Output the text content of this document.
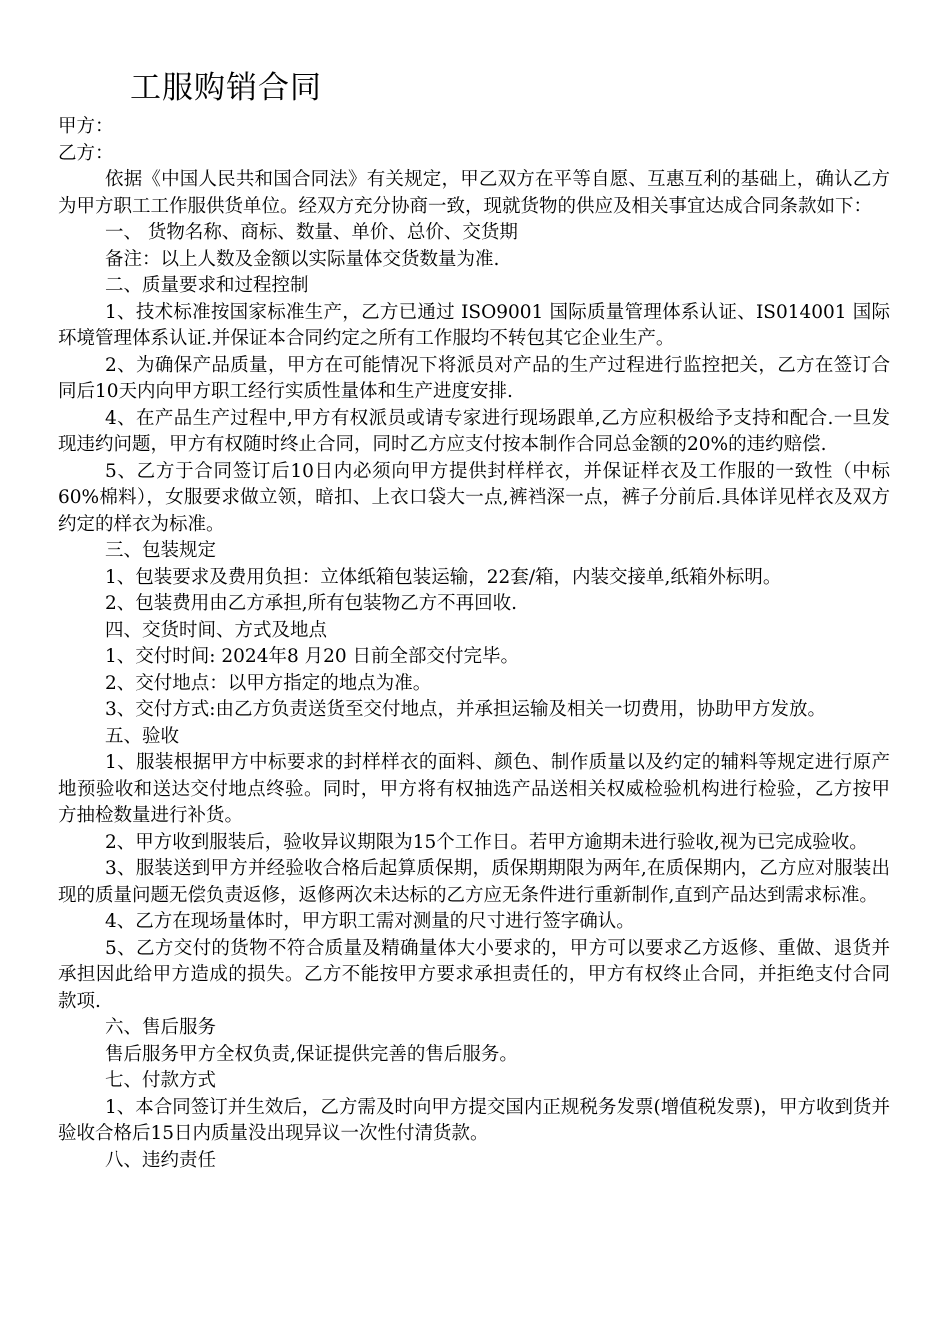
工服购销合同

甲方：

乙方：

依据《中国人民共和国合同法》有关规定，甲乙双方在平等自愿、互惠互利的基础上，确认乙方为甲方职工工作服供货单位。经双方充分协商一致，现就货物的供应及相关事宜达成合同条款如下：

一、 货物名称、商标、数量、单价、总价、交货期

备注：以上人数及金额以实际量体交货数量为准.

二、质量要求和过程控制

1、技术标准按国家标准生产，乙方已通过 ISO9001 国际质量管理体系认证、IS014001 国际环境管理体系认证.并保证本合同约定之所有工作服均不转包其它企业生产。

2、为确保产品质量，甲方在可能情况下将派员对产品的生产过程进行监控把关，乙方在签订合同后10天内向甲方职工经行实质性量体和生产进度安排.

4、在产品生产过程中,甲方有权派员或请专家进行现场跟单,乙方应积极给予支持和配合.一旦发现违约问题，甲方有权随时终止合同，同时乙方应支付按本制作合同总金额的20%的违约赔偿.

5、乙方于合同签订后10日内必须向甲方提供封样样衣，并保证样衣及工作服的一致性（中标60%棉料），女服要求做立领，暗扣、上衣口袋大一点,裤裆深一点，裤子分前后.具体详见样衣及双方约定的样衣为标准。

三、包装规定

1、包装要求及费用负担：立体纸箱包装运输，22套/箱，内装交接单,纸箱外标明。

2、包装费用由乙方承担,所有包装物乙方不再回收.

四、交货时间、方式及地点

1、交付时间: 2024年8 月20 日前全部交付完毕。

2、交付地点：以甲方指定的地点为准。

3、交付方式:由乙方负责送货至交付地点，并承担运输及相关一切费用，协助甲方发放。

五、验收

1、服装根据甲方中标要求的封样样衣的面料、颜色、制作质量以及约定的辅料等规定进行原产地预验收和送达交付地点终验。同时，甲方将有权抽选产品送相关权威检验机构进行检验，乙方按甲方抽检数量进行补货。

2、甲方收到服装后，验收异议期限为15个工作日。若甲方逾期未进行验收,视为已完成验收。

3、服装送到甲方并经验收合格后起算质保期，质保期期限为两年,在质保期内，乙方应对服装出现的质量问题无偿负责返修，返修两次未达标的乙方应无条件进行重新制作,直到产品达到需求标准。

4、乙方在现场量体时，甲方职工需对测量的尺寸进行签字确认。

5、乙方交付的货物不符合质量及精确量体大小要求的，甲方可以要求乙方返修、重做、退货并承担因此给甲方造成的损失。乙方不能按甲方要求承担责任的，甲方有权终止合同，并拒绝支付合同款项.

六、售后服务

售后服务甲方全权负责,保证提供完善的售后服务。

七、付款方式

1、本合同签订并生效后，乙方需及时向甲方提交国内正规税务发票(增值税发票)，甲方收到货并验收合格后15日内质量没出现异议一次性付清货款。

八、违约责任
